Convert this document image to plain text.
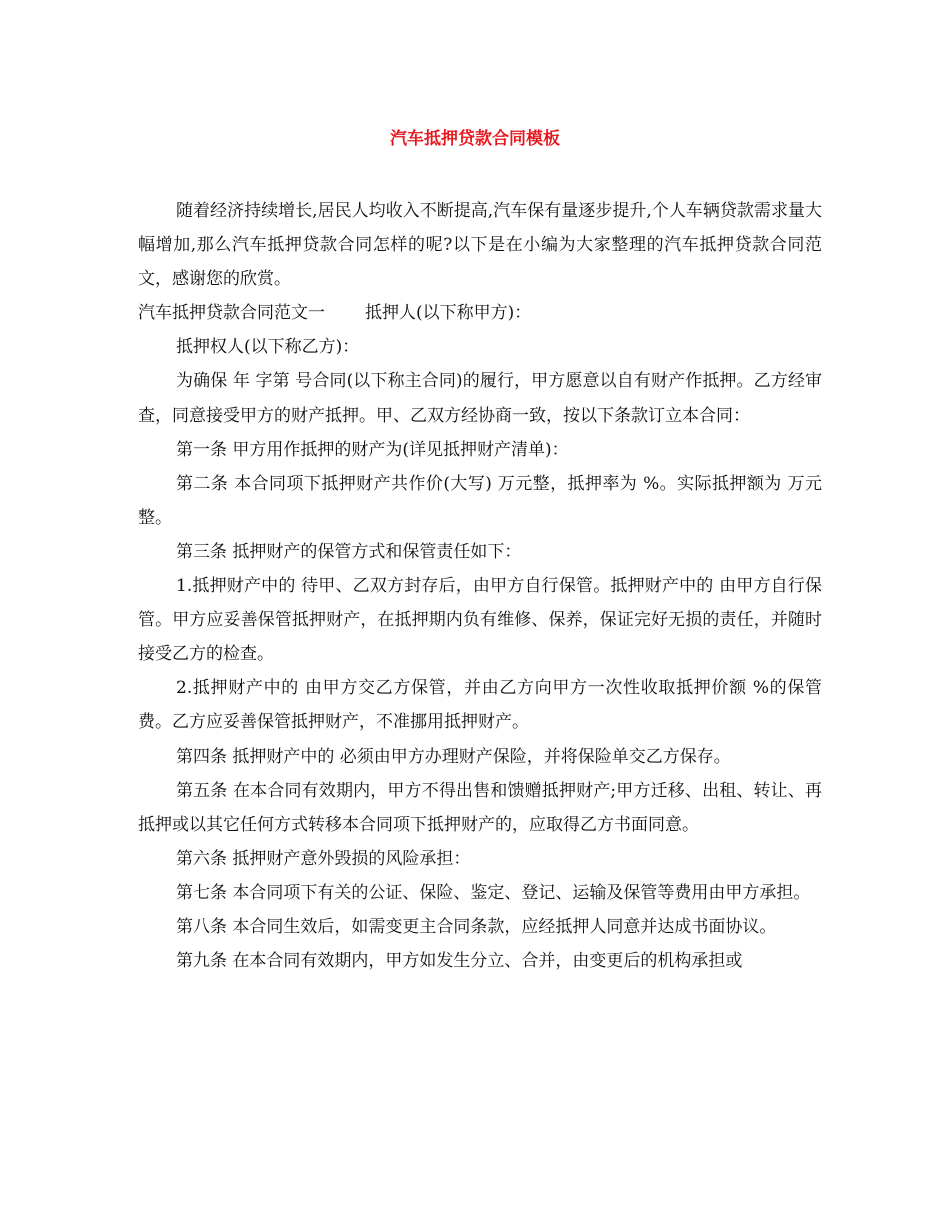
汽车抵押贷款合同模板

随着经济持续增长,居民人均收入不断提高,汽车保有量逐步提升,个人车辆贷款需求量大幅增加,那么汽车抵押贷款合同怎样的呢?以下是在小编为大家整理的汽车抵押贷款合同范文，感谢您的欣赏。

汽车抵押贷款合同范文一 抵押人(以下称甲方)：

抵押权人(以下称乙方)：

为确保 年 字第 号合同(以下称主合同)的履行，甲方愿意以自有财产作抵押。乙方经审查，同意接受甲方的财产抵押。甲、乙双方经协商一致，按以下条款订立本合同：

第一条 甲方用作抵押的财产为(详见抵押财产清单)：

第二条 本合同项下抵押财产共作价(大写) 万元整，抵押率为 %。实际抵押额为 万元整。

第三条 抵押财产的保管方式和保管责任如下：

1.抵押财产中的 待甲、乙双方封存后，由甲方自行保管。抵押财产中的 由甲方自行保管。甲方应妥善保管抵押财产，在抵押期内负有维修、保养，保证完好无损的责任，并随时接受乙方的检查。

2.抵押财产中的 由甲方交乙方保管，并由乙方向甲方一次性收取抵押价额 %的保管费。乙方应妥善保管抵押财产，不准挪用抵押财产。

第四条 抵押财产中的 必须由甲方办理财产保险，并将保险单交乙方保存。

第五条 在本合同有效期内，甲方不得出售和馈赠抵押财产;甲方迁移、出租、转让、再抵押或以其它任何方式转移本合同项下抵押财产的，应取得乙方书面同意。

第六条 抵押财产意外毁损的风险承担：

第七条 本合同项下有关的公证、保险、鉴定、登记、运输及保管等费用由甲方承担。

第八条 本合同生效后，如需变更主合同条款，应经抵押人同意并达成书面协议。

第九条 在本合同有效期内，甲方如发生分立、合并，由变更后的机构承担或
